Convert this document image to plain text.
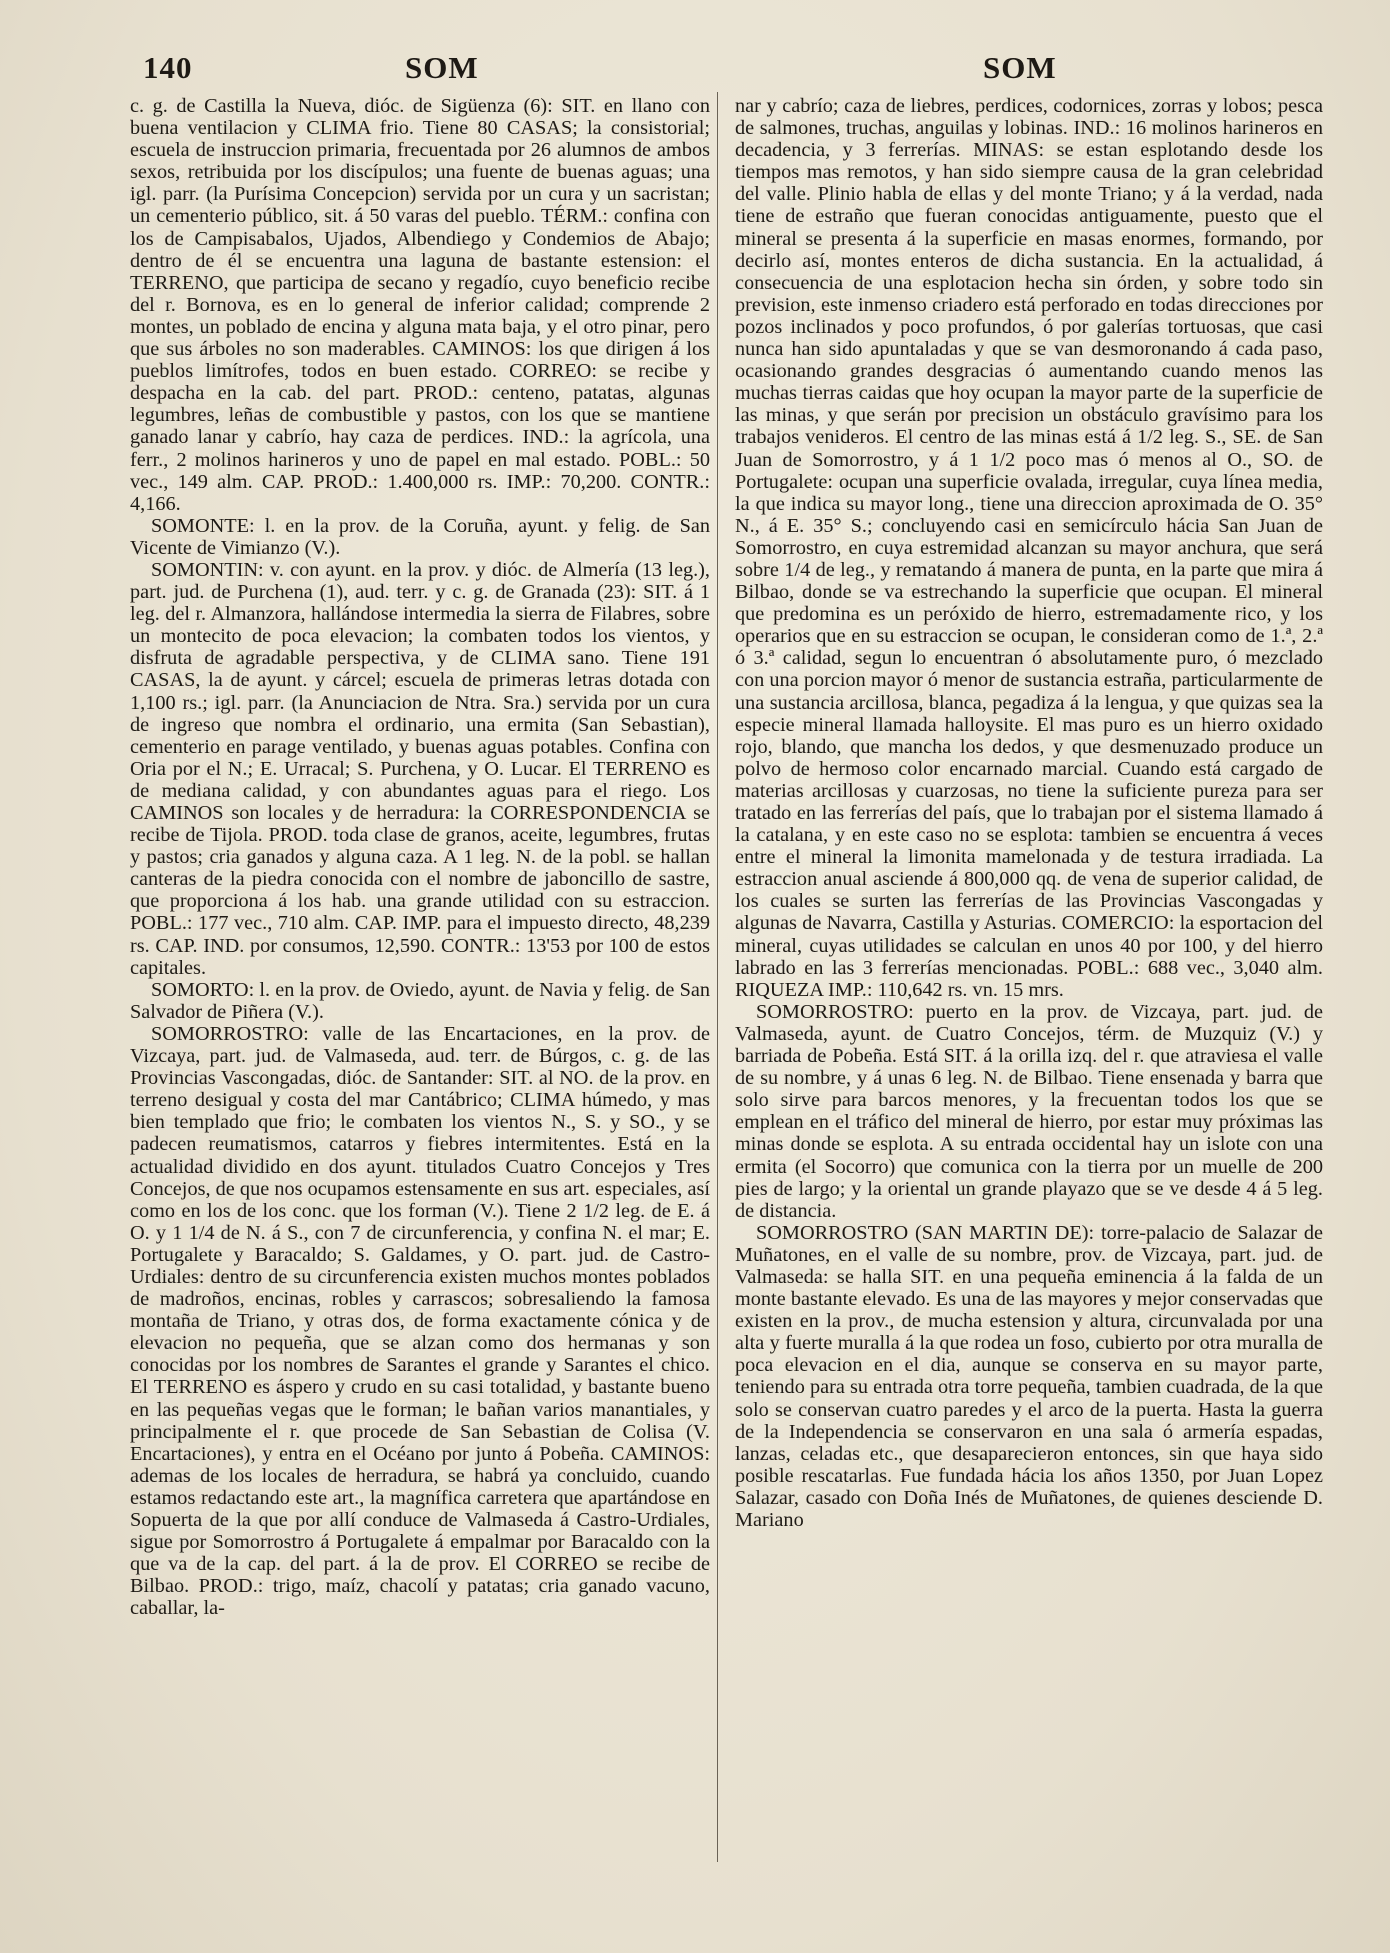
140	SOM	SOM

c. g. de Castilla la Nueva, dióc. de Sigüenza (6): SIT. en llano con buena ventilacion y CLIMA frio. Tiene 80 CASAS; la consistorial; escuela de instruccion primaria, frecuentada por 26 alumnos de ambos sexos, retribuida por los discípulos; una fuente de buenas aguas; una igl. parr. (la Purísima Concepcion) servida por un cura y un sacristan; un cementerio público, sit. á 50 varas del pueblo. TÉRM.: confina con los de Campisabalos, Ujados, Albendiego y Condemios de Abajo; dentro de él se encuentra una laguna de bastante estension: el TERRENO, que participa de secano y regadío, cuyo beneficio recibe del r. Bornova, es en lo general de inferior calidad; comprende 2 montes, un poblado de encina y alguna mata baja, y el otro pinar, pero que sus árboles no son maderables. CAMINOS: los que dirigen á los pueblos limítrofes, todos en buen estado. CORREO: se recibe y despacha en la cab. del part. PROD.: centeno, patatas, algunas legumbres, leñas de combustible y pastos, con los que se mantiene ganado lanar y cabrío, hay caza de perdices. IND.: la agrícola, una ferr., 2 molinos harineros y uno de papel en mal estado. POBL.: 50 vec., 149 alm. CAP. PROD.: 1.400,000 rs. IMP.: 70,200. CONTR.: 4,166.

SOMONTE: l. en la prov. de la Coruña, ayunt. y felig. de San Vicente de Vimianzo (V.).

SOMONTIN: v. con ayunt. en la prov. y dióc. de Almería (13 leg.), part. jud. de Purchena (1), aud. terr. y c. g. de Granada (23): SIT. á 1 leg. del r. Almanzora, hallándose intermedia la sierra de Filabres, sobre un montecito de poca elevacion; la combaten todos los vientos, y disfruta de agradable perspectiva, y de CLIMA sano. Tiene 191 CASAS, la de ayunt. y cárcel; escuela de primeras letras dotada con 1,100 rs.; igl. parr. (la Anunciacion de Ntra. Sra.) servida por un cura de ingreso que nombra el ordinario, una ermita (San Sebastian), cementerio en parage ventilado, y buenas aguas potables. Confina con Oria por el N.; E. Urracal; S. Purchena, y O. Lucar. El TERRENO es de mediana calidad, y con abundantes aguas para el riego. Los CAMINOS son locales y de herradura: la CORRESPONDENCIA se recibe de Tijola. PROD. toda clase de granos, aceite, legumbres, frutas y pastos; cria ganados y alguna caza. A 1 leg. N. de la pobl. se hallan canteras de la piedra conocida con el nombre de jaboncillo de sastre, que proporciona á los hab. una grande utilidad con su estraccion. POBL.: 177 vec., 710 alm. CAP. IMP. para el impuesto directo, 48,239 rs. CAP. IND. por consumos, 12,590. CONTR.: 13'53 por 100 de estos capitales.

SOMORTO: l. en la prov. de Oviedo, ayunt. de Navia y felig. de San Salvador de Piñera (V.).

SOMORROSTRO: valle de las Encartaciones, en la prov. de Vizcaya, part. jud. de Valmaseda, aud. terr. de Búrgos, c. g. de las Provincias Vascongadas, dióc. de Santander: SIT. al NO. de la prov. en terreno desigual y costa del mar Cantábrico; CLIMA húmedo, y mas bien templado que frio; le combaten los vientos N., S. y SO., y se padecen reumatismos, catarros y fiebres intermitentes. Está en la actualidad dividido en dos ayunt. titulados Cuatro Concejos y Tres Concejos, de que nos ocupamos estensamente en sus art. especiales, así como en los de los conc. que los forman (V.). Tiene 2 1/2 leg. de E. á O. y 1 1/4 de N. á S., con 7 de circunferencia, y confina N. el mar; E. Portugalete y Baracaldo; S. Galdames, y O. part. jud. de Castro-Urdiales: dentro de su circunferencia existen muchos montes poblados de madroños, encinas, robles y carrascos; sobresaliendo la famosa montaña de Triano, y otras dos, de forma exactamente cónica y de elevacion no pequeña, que se alzan como dos hermanas y son conocidas por los nombres de Sarantes el grande y Sarantes el chico. El TERRENO es áspero y crudo en su casi totalidad, y bastante bueno en las pequeñas vegas que le forman; le bañan varios manantiales, y principalmente el r. que procede de San Sebastian de Colisa (V. Encartaciones), y entra en el Océano por junto á Pobeña. CAMINOS: ademas de los locales de herradura, se habrá ya concluido, cuando estamos redactando este art., la magnífica carretera que apartándose en Sopuerta de la que por allí conduce de Valmaseda á Castro-Urdiales, sigue por Somorrostro á Portugalete á empalmar por Baracaldo con la que va de la cap. del part. á la de prov. El CORREO se recibe de Bilbao. PROD.: trigo, maíz, chacolí y patatas; cria ganado vacuno, caballar, la-

nar y cabrío; caza de liebres, perdices, codornices, zorras y lobos; pesca de salmones, truchas, anguilas y lobinas. IND.: 16 molinos harineros en decadencia, y 3 ferrerías. MINAS: se estan esplotando desde los tiempos mas remotos, y han sido siempre causa de la gran celebridad del valle. Plinio habla de ellas y del monte Triano; y á la verdad, nada tiene de estraño que fueran conocidas antiguamente, puesto que el mineral se presenta á la superficie en masas enormes, formando, por decirlo así, montes enteros de dicha sustancia. En la actualidad, á consecuencia de una esplotacion hecha sin órden, y sobre todo sin prevision, este inmenso criadero está perforado en todas direcciones por pozos inclinados y poco profundos, ó por galerías tortuosas, que casi nunca han sido apuntaladas y que se van desmoronando á cada paso, ocasionando grandes desgracias ó aumentando cuando menos las muchas tierras caidas que hoy ocupan la mayor parte de la superficie de las minas, y que serán por precision un obstáculo gravísimo para los trabajos venideros. El centro de las minas está á 1/2 leg. S., SE. de San Juan de Somorrostro, y á 1 1/2 poco mas ó menos al O., SO. de Portugalete: ocupan una superficie ovalada, irregular, cuya línea media, la que indica su mayor long., tiene una direccion aproximada de O. 35° N., á E. 35° S.; concluyendo casi en semicírculo hácia San Juan de Somorrostro, en cuya estremidad alcanzan su mayor anchura, que será sobre 1/4 de leg., y rematando á manera de punta, en la parte que mira á Bilbao, donde se va estrechando la superficie que ocupan. El mineral que predomina es un peróxido de hierro, estremadamente rico, y los operarios que en su estraccion se ocupan, le consideran como de 1.ª, 2.ª ó 3.ª calidad, segun lo encuentran ó absolutamente puro, ó mezclado con una porcion mayor ó menor de sustancia estraña, particularmente de una sustancia arcillosa, blanca, pegadiza á la lengua, y que quizas sea la especie mineral llamada halloysite. El mas puro es un hierro oxidado rojo, blando, que mancha los dedos, y que desmenuzado produce un polvo de hermoso color encarnado marcial. Cuando está cargado de materias arcillosas y cuarzosas, no tiene la suficiente pureza para ser tratado en las ferrerías del país, que lo trabajan por el sistema llamado á la catalana, y en este caso no se esplota: tambien se encuentra á veces entre el mineral la limonita mamelonada y de testura irradiada. La estraccion anual asciende á 800,000 qq. de vena de superior calidad, de los cuales se surten las ferrerías de las Provincias Vascongadas y algunas de Navarra, Castilla y Asturias. COMERCIO: la esportacion del mineral, cuyas utilidades se calculan en unos 40 por 100, y del hierro labrado en las 3 ferrerías mencionadas. POBL.: 688 vec., 3,040 alm. RIQUEZA IMP.: 110,642 rs. vn. 15 mrs.

SOMORROSTRO: puerto en la prov. de Vizcaya, part. jud. de Valmaseda, ayunt. de Cuatro Concejos, térm. de Muzquiz (V.) y barriada de Pobeña. Está SIT. á la orilla izq. del r. que atraviesa el valle de su nombre, y á unas 6 leg. N. de Bilbao. Tiene ensenada y barra que solo sirve para barcos menores, y la frecuentan todos los que se emplean en el tráfico del mineral de hierro, por estar muy próximas las minas donde se esplota. A su entrada occidental hay un islote con una ermita (el Socorro) que comunica con la tierra por un muelle de 200 pies de largo; y la oriental un grande playazo que se ve desde 4 á 5 leg. de distancia.

SOMORROSTRO (SAN MARTIN DE): torre-palacio de Salazar de Muñatones, en el valle de su nombre, prov. de Vizcaya, part. jud. de Valmaseda: se halla SIT. en una pequeña eminencia á la falda de un monte bastante elevado. Es una de las mayores y mejor conservadas que existen en la prov., de mucha estension y altura, circunvalada por una alta y fuerte muralla á la que rodea un foso, cubierto por otra muralla de poca elevacion en el dia, aunque se conserva en su mayor parte, teniendo para su entrada otra torre pequeña, tambien cuadrada, de la que solo se conservan cuatro paredes y el arco de la puerta. Hasta la guerra de la Independencia se conservaron en una sala ó armería espadas, lanzas, celadas etc., que desaparecieron entonces, sin que haya sido posible rescatarlas. Fue fundada hácia los años 1350, por Juan Lopez Salazar, casado con Doña Inés de Muñatones, de quienes desciende D. Mariano
